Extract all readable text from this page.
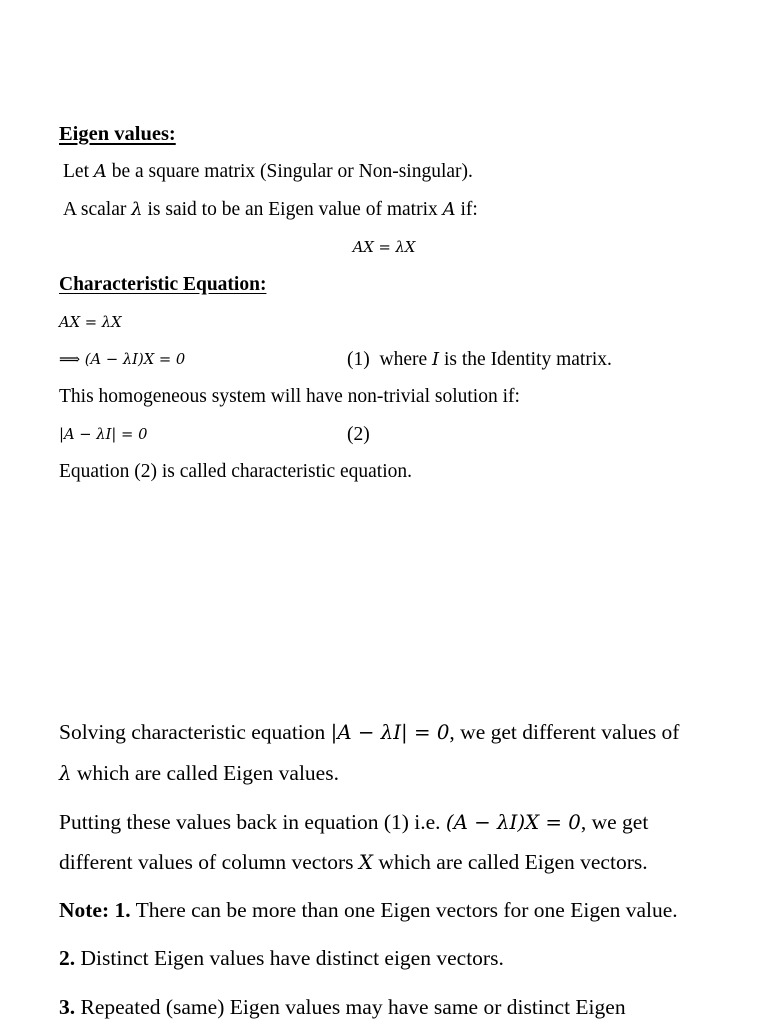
Eigen values:
Let A be a square matrix (Singular or Non-singular).
A scalar λ is said to be an Eigen value of matrix A if:
AX = λX
Characteristic Equation:
AX = λX
⟹ (A − λI)X = 0	(1)  where I is the Identity matrix.
This homogeneous system will have non-trivial solution if:
|A − λI| = 0	(2)
Equation (2) is called characteristic equation.
Solving characteristic equation |A − λI| = 0, we get different values of
λ which are called Eigen values.
Putting these values back in equation (1) i.e. (A − λI)X = 0, we get
different values of column vectors X which are called Eigen vectors.
Note: 1. There can be more than one Eigen vectors for one Eigen value.
2. Distinct Eigen values have distinct eigen vectors.
3. Repeated (same) Eigen values may have same or distinct Eigen
